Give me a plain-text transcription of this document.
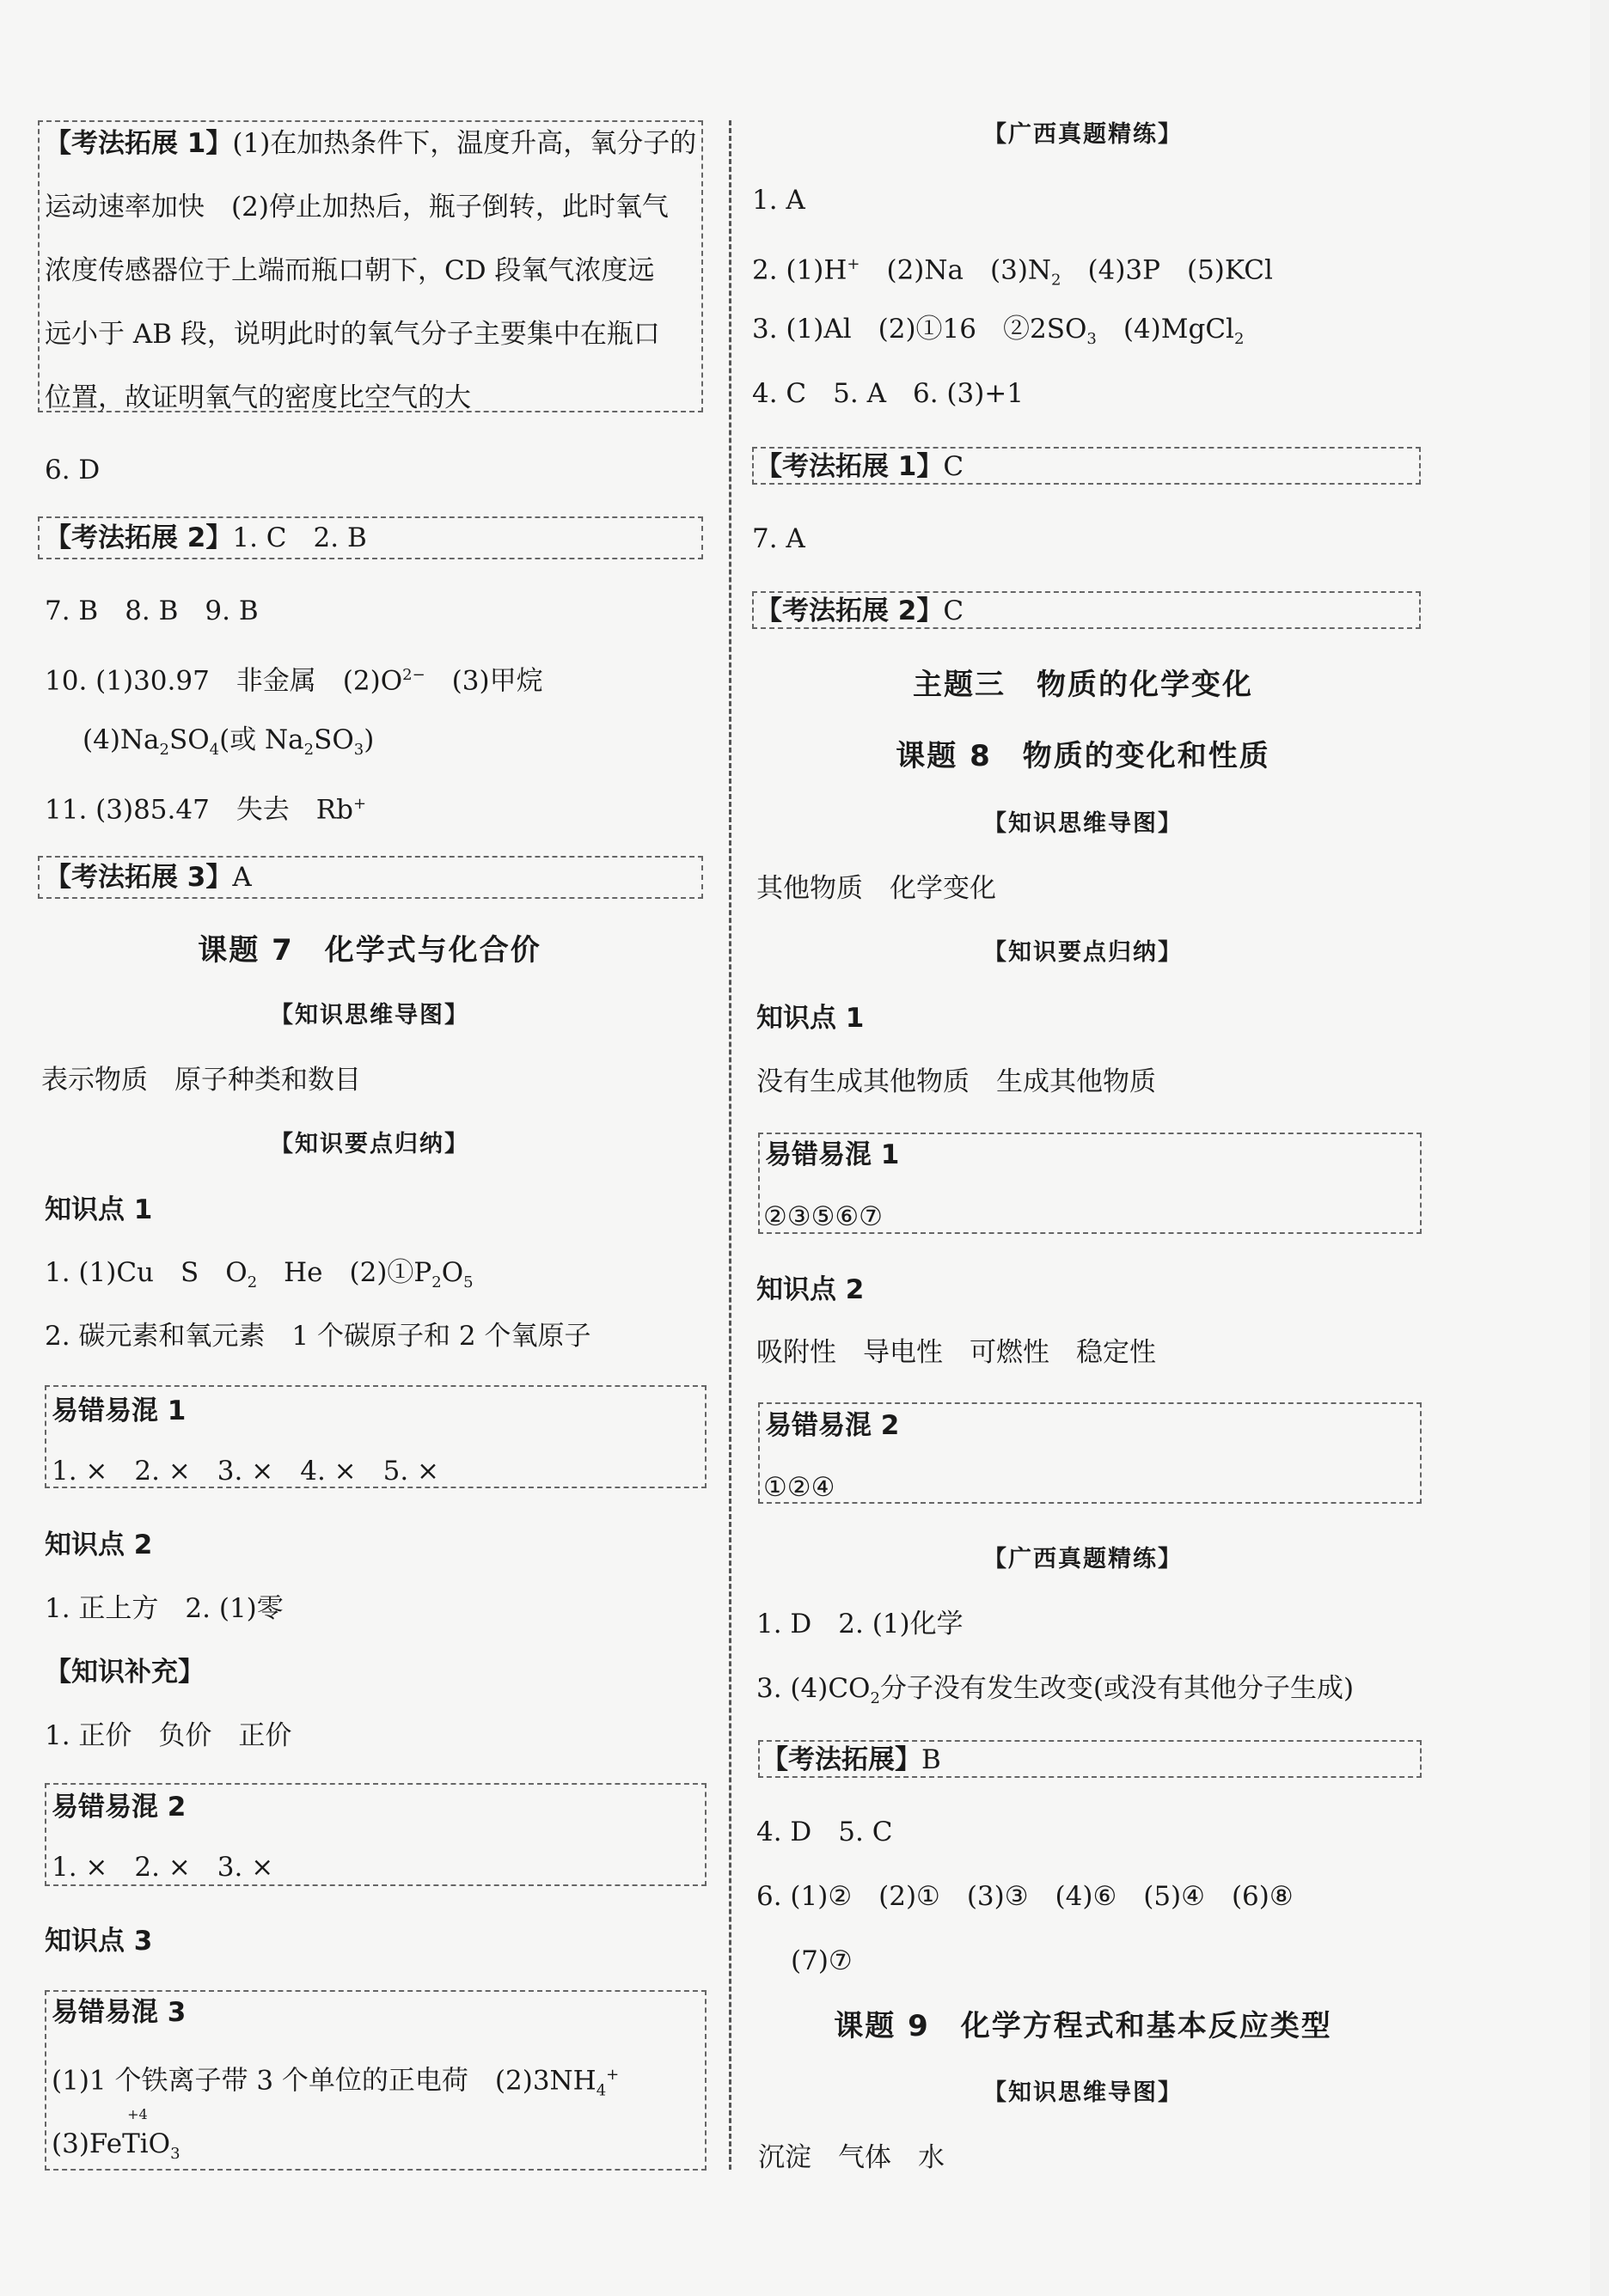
【考法拓展 1】(1)在加热条件下，温度升高，氧分子的
运动速率加快　(2)停止加热后，瓶子倒转，此时氧气
浓度传感器位于上端而瓶口朝下，CD 段氧气浓度远
远小于 AB 段，说明此时的氧气分子主要集中在瓶口
位置，故证明氧气的密度比空气的大
6. D
【考法拓展 2】1. C　2. B
7. B　8. B　9. B
10. (1)30.97　非金属　$(2)O^{2-}$　(3)甲烷
$(4)Na_2SO_4$(或 $Na_2SO_3$)
11. (3)85.47　失去　Rb+
【考法拓展 3】A
课题 7　化学式与化合价
【知识思维导图】
表示物质　原子种类和数目
【知识要点归纳】
知识点 1
1. (1)Cu　S　$O_2$　He　$(2)①P_2O_5$
2. 碳元素和氧元素　1 个碳原子和 2 个氧原子
易错易混 1
1. ×　2. ×　3. ×　4. ×　5. ×
知识点 2
1. 正上方　2. (1)零
【知识补充】
1. 正价　负价　正价
易错易混 2
1. ×　2. ×　3. ×
知识点 3
易错易混 3
(1)1 个铁离子带 3 个单位的正电荷　$(2)3NH_4^+$
(3)Fe
+4
TiO$_3$
【广西真题精练】
1. A
2. (1)H+　(2)Na　$(3)N_2$　(4)3P　(5)KCl
3. (1)Al　(2)①16　$②2SO_3$　(4)MgCl$_2$
4. C　5. A　6. (3)+1
【考法拓展 1】C
7. A
【考法拓展 2】C
主题三　物质的化学变化
课题 8　物质的变化和性质
【知识思维导图】
其他物质　化学变化
【知识要点归纳】
知识点 1
没有生成其他物质　生成其他物质
易错易混 1
②③⑤⑥⑦
知识点 2
吸附性　导电性　可燃性　稳定性
易错易混 2
①②④
【广西真题精练】
1. D　2. (1)化学
3. $(4)CO_2$分子没有发生改变(或没有其他分子生成)
【考法拓展】B
4. D　5. C
6. (1)②　(2)①　(3)③　(4)⑥　(5)④　(6)⑧
(7)⑦
课题 9　化学方程式和基本反应类型
【知识思维导图】
沉淀　气体　水
